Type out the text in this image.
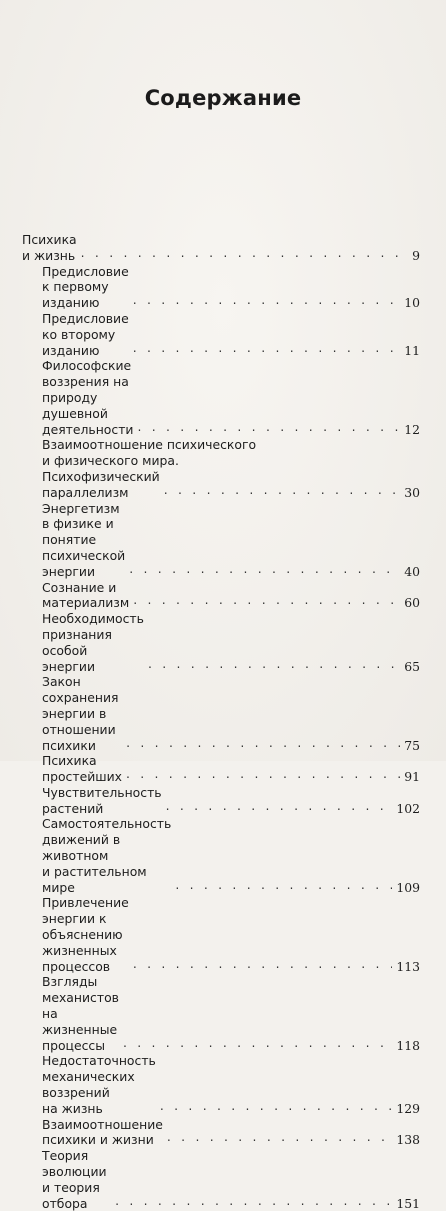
Содержание
Психика и жизнь . . .	9
Предисловие к первому изданию . . .	10
Предисловие ко второму изданию . . .	11
Философские воззрения на природу
душевной деятельности . . .	12
Взаимоотношение психического
и физического мира.
Психофизический параллелизм . . .	30
Энергетизм в физике и понятие
психической энергии . . .	40
Сознание и материализм . . .	60
Необходимость признания особой энергии . . .	65
Закон сохранения энергии в отношении
психики . . .	75
Психика простейших . . .	91
Чувствительность растений . . .	102
Самостоятельность движений в животном
и растительном мире . . .	109
Привлечение энергии к объяснению
жизненных процессов . . .	113
Взгляды механистов на жизненные
процессы . . .	118
Недостаточность механических воззрений
на жизнь . . .	129
Взаимоотношение психики и жизни . . .	138
Теория эволюции и теория отбора . . .	151
